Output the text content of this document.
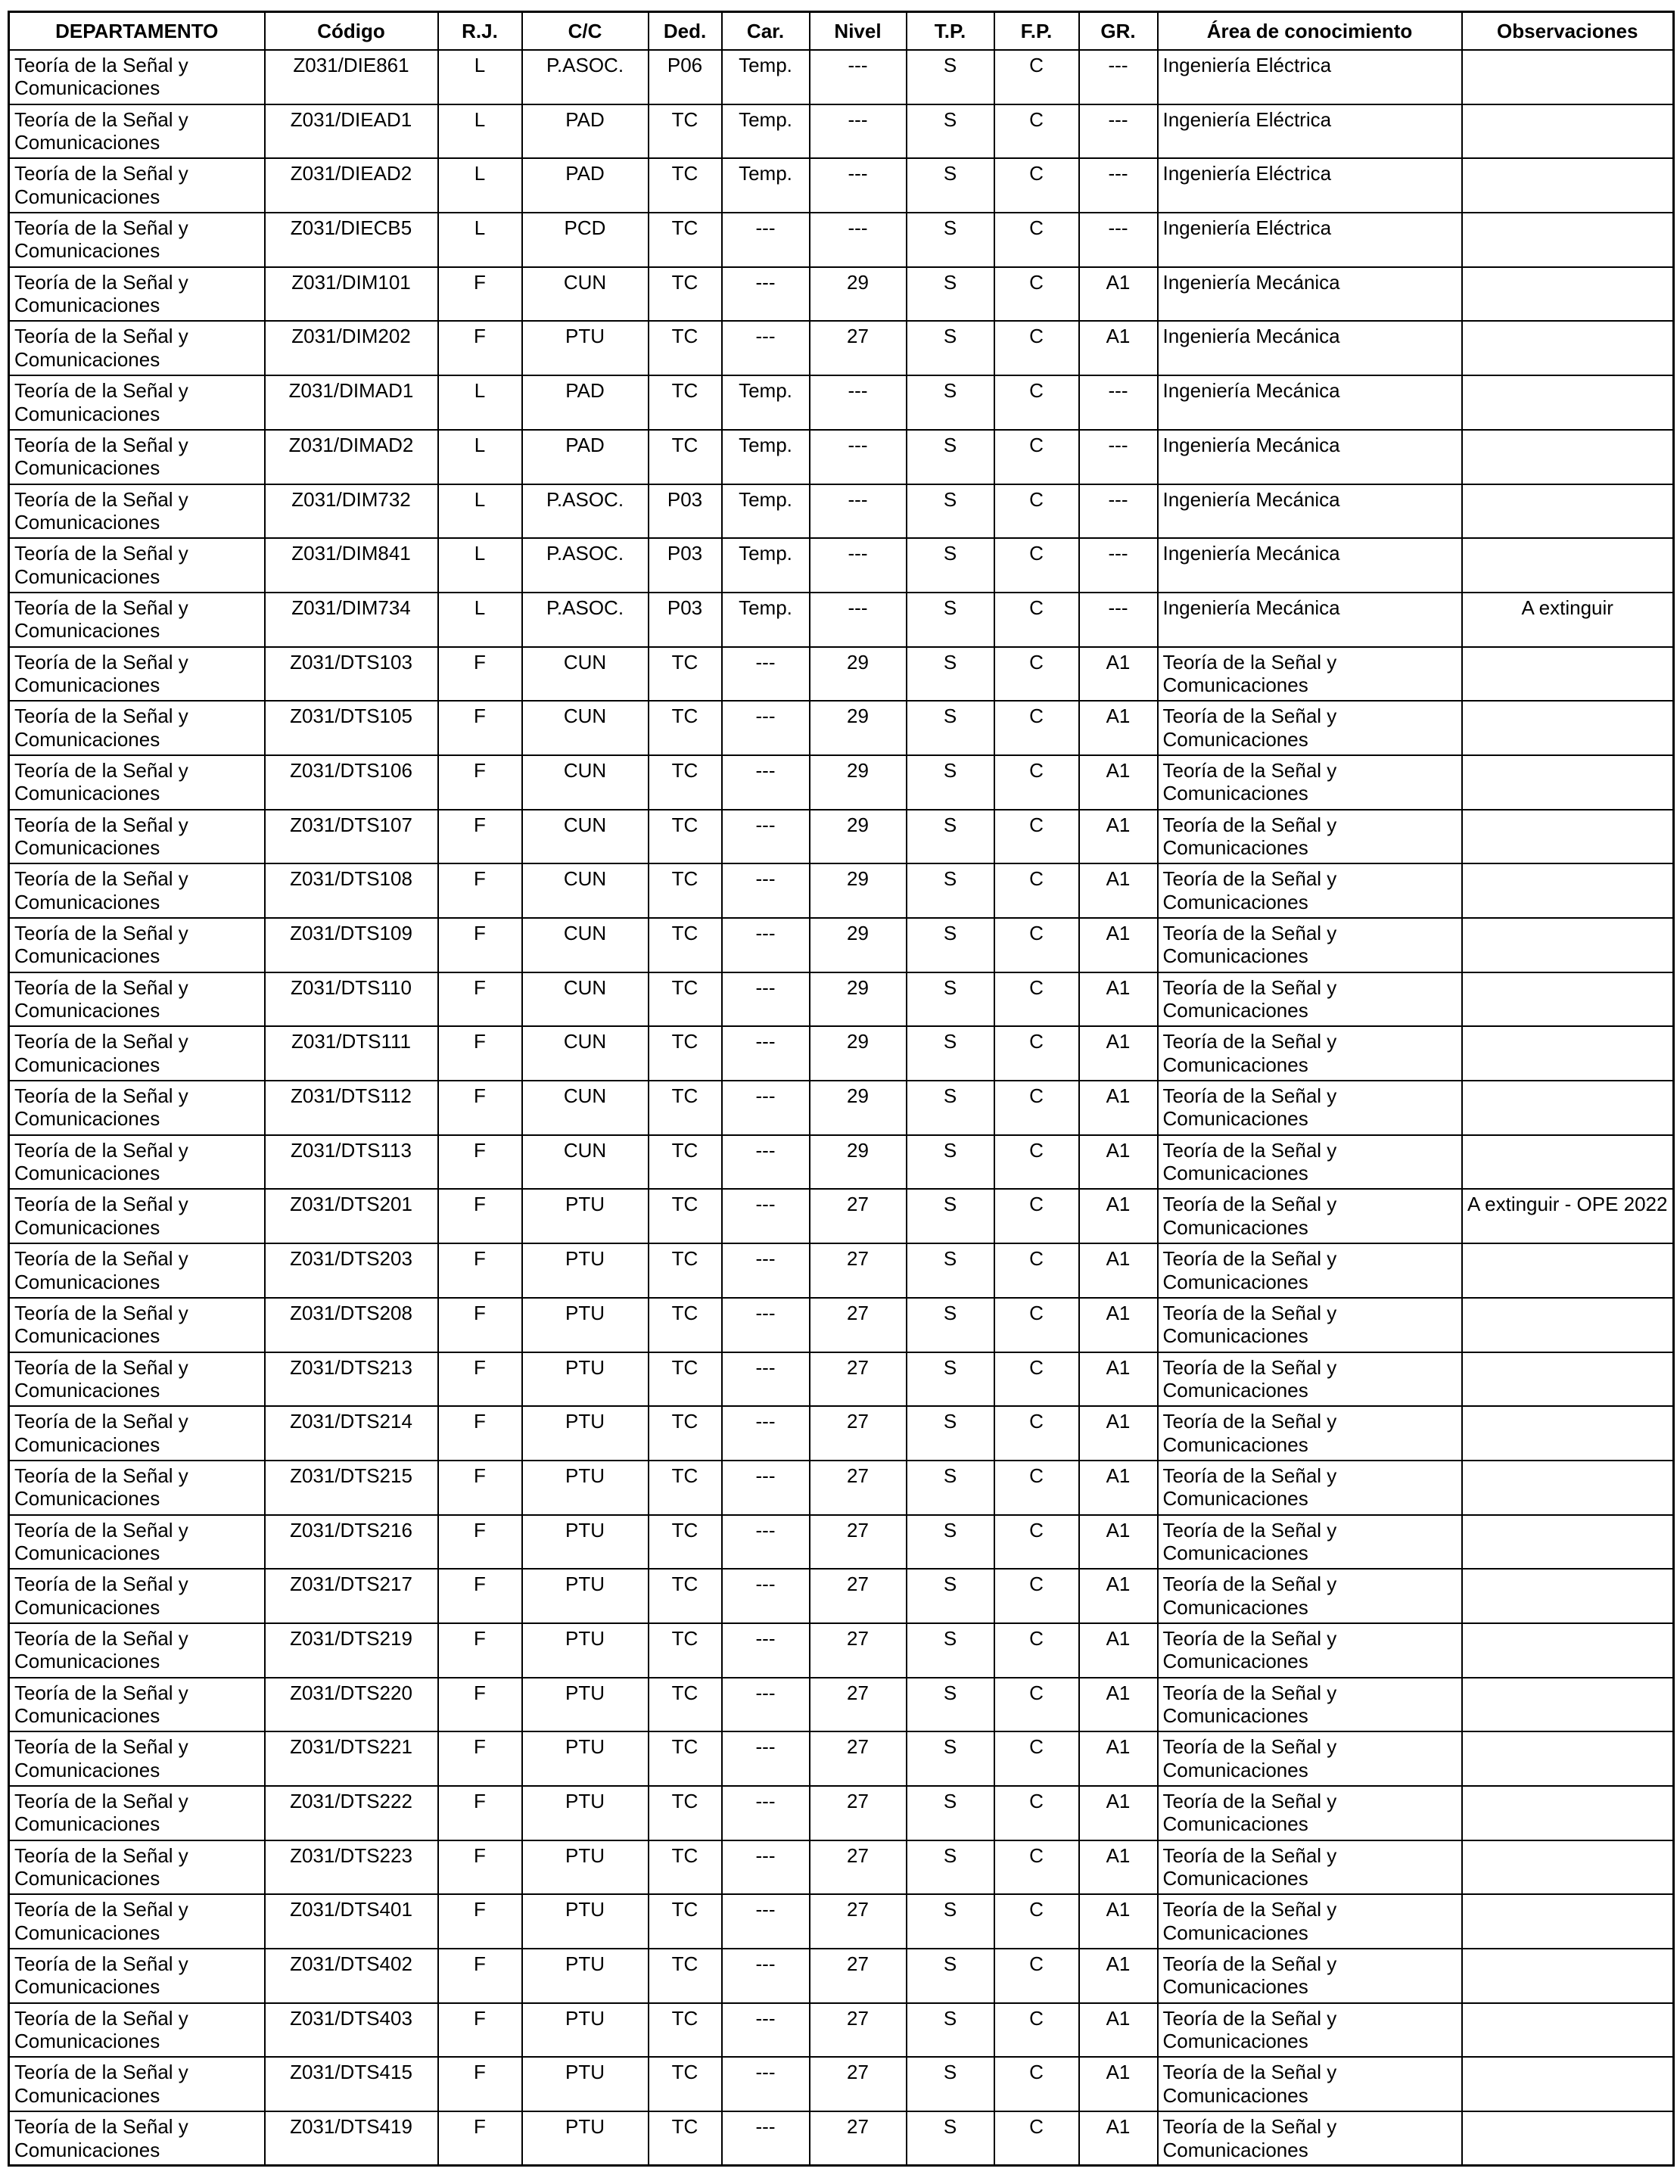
DEPARTAMENTO	Código	R.J.	C/C	Ded.	Car.	Nivel	T.P.	F.P.	GR.	Área de conocimiento	Observaciones
Teoría de la Señal y Comunicaciones	Z031/DIE861	L	P.ASOC.	P06	Temp.	---	S	C	---	Ingeniería Eléctrica	
Teoría de la Señal y Comunicaciones	Z031/DIEAD1	L	PAD	TC	Temp.	---	S	C	---	Ingeniería Eléctrica	
Teoría de la Señal y Comunicaciones	Z031/DIEAD2	L	PAD	TC	Temp.	---	S	C	---	Ingeniería Eléctrica	
Teoría de la Señal y Comunicaciones	Z031/DIECB5	L	PCD	TC	---	---	S	C	---	Ingeniería Eléctrica	
Teoría de la Señal y Comunicaciones	Z031/DIM101	F	CUN	TC	---	29	S	C	A1	Ingeniería Mecánica	
Teoría de la Señal y Comunicaciones	Z031/DIM202	F	PTU	TC	---	27	S	C	A1	Ingeniería Mecánica	
Teoría de la Señal y Comunicaciones	Z031/DIMAD1	L	PAD	TC	Temp.	---	S	C	---	Ingeniería Mecánica	
Teoría de la Señal y Comunicaciones	Z031/DIMAD2	L	PAD	TC	Temp.	---	S	C	---	Ingeniería Mecánica	
Teoría de la Señal y Comunicaciones	Z031/DIM732	L	P.ASOC.	P03	Temp.	---	S	C	---	Ingeniería Mecánica	
Teoría de la Señal y Comunicaciones	Z031/DIM841	L	P.ASOC.	P03	Temp.	---	S	C	---	Ingeniería Mecánica	
Teoría de la Señal y Comunicaciones	Z031/DIM734	L	P.ASOC.	P03	Temp.	---	S	C	---	Ingeniería Mecánica	A extinguir
Teoría de la Señal y Comunicaciones	Z031/DTS103	F	CUN	TC	---	29	S	C	A1	Teoría de la Señal y Comunicaciones	
Teoría de la Señal y Comunicaciones	Z031/DTS105	F	CUN	TC	---	29	S	C	A1	Teoría de la Señal y Comunicaciones	
Teoría de la Señal y Comunicaciones	Z031/DTS106	F	CUN	TC	---	29	S	C	A1	Teoría de la Señal y Comunicaciones	
Teoría de la Señal y Comunicaciones	Z031/DTS107	F	CUN	TC	---	29	S	C	A1	Teoría de la Señal y Comunicaciones	
Teoría de la Señal y Comunicaciones	Z031/DTS108	F	CUN	TC	---	29	S	C	A1	Teoría de la Señal y Comunicaciones	
Teoría de la Señal y Comunicaciones	Z031/DTS109	F	CUN	TC	---	29	S	C	A1	Teoría de la Señal y Comunicaciones	
Teoría de la Señal y Comunicaciones	Z031/DTS110	F	CUN	TC	---	29	S	C	A1	Teoría de la Señal y Comunicaciones	
Teoría de la Señal y Comunicaciones	Z031/DTS111	F	CUN	TC	---	29	S	C	A1	Teoría de la Señal y Comunicaciones	
Teoría de la Señal y Comunicaciones	Z031/DTS112	F	CUN	TC	---	29	S	C	A1	Teoría de la Señal y Comunicaciones	
Teoría de la Señal y Comunicaciones	Z031/DTS113	F	CUN	TC	---	29	S	C	A1	Teoría de la Señal y Comunicaciones	
Teoría de la Señal y Comunicaciones	Z031/DTS201	F	PTU	TC	---	27	S	C	A1	Teoría de la Señal y Comunicaciones	A extinguir - OPE 2022
Teoría de la Señal y Comunicaciones	Z031/DTS203	F	PTU	TC	---	27	S	C	A1	Teoría de la Señal y Comunicaciones	
Teoría de la Señal y Comunicaciones	Z031/DTS208	F	PTU	TC	---	27	S	C	A1	Teoría de la Señal y Comunicaciones	
Teoría de la Señal y Comunicaciones	Z031/DTS213	F	PTU	TC	---	27	S	C	A1	Teoría de la Señal y Comunicaciones	
Teoría de la Señal y Comunicaciones	Z031/DTS214	F	PTU	TC	---	27	S	C	A1	Teoría de la Señal y Comunicaciones	
Teoría de la Señal y Comunicaciones	Z031/DTS215	F	PTU	TC	---	27	S	C	A1	Teoría de la Señal y Comunicaciones	
Teoría de la Señal y Comunicaciones	Z031/DTS216	F	PTU	TC	---	27	S	C	A1	Teoría de la Señal y Comunicaciones	
Teoría de la Señal y Comunicaciones	Z031/DTS217	F	PTU	TC	---	27	S	C	A1	Teoría de la Señal y Comunicaciones	
Teoría de la Señal y Comunicaciones	Z031/DTS219	F	PTU	TC	---	27	S	C	A1	Teoría de la Señal y Comunicaciones	
Teoría de la Señal y Comunicaciones	Z031/DTS220	F	PTU	TC	---	27	S	C	A1	Teoría de la Señal y Comunicaciones	
Teoría de la Señal y Comunicaciones	Z031/DTS221	F	PTU	TC	---	27	S	C	A1	Teoría de la Señal y Comunicaciones	
Teoría de la Señal y Comunicaciones	Z031/DTS222	F	PTU	TC	---	27	S	C	A1	Teoría de la Señal y Comunicaciones	
Teoría de la Señal y Comunicaciones	Z031/DTS223	F	PTU	TC	---	27	S	C	A1	Teoría de la Señal y Comunicaciones	
Teoría de la Señal y Comunicaciones	Z031/DTS401	F	PTU	TC	---	27	S	C	A1	Teoría de la Señal y Comunicaciones	
Teoría de la Señal y Comunicaciones	Z031/DTS402	F	PTU	TC	---	27	S	C	A1	Teoría de la Señal y Comunicaciones	
Teoría de la Señal y Comunicaciones	Z031/DTS403	F	PTU	TC	---	27	S	C	A1	Teoría de la Señal y Comunicaciones	
Teoría de la Señal y Comunicaciones	Z031/DTS415	F	PTU	TC	---	27	S	C	A1	Teoría de la Señal y Comunicaciones	
Teoría de la Señal y Comunicaciones	Z031/DTS419	F	PTU	TC	---	27	S	C	A1	Teoría de la Señal y Comunicaciones	
